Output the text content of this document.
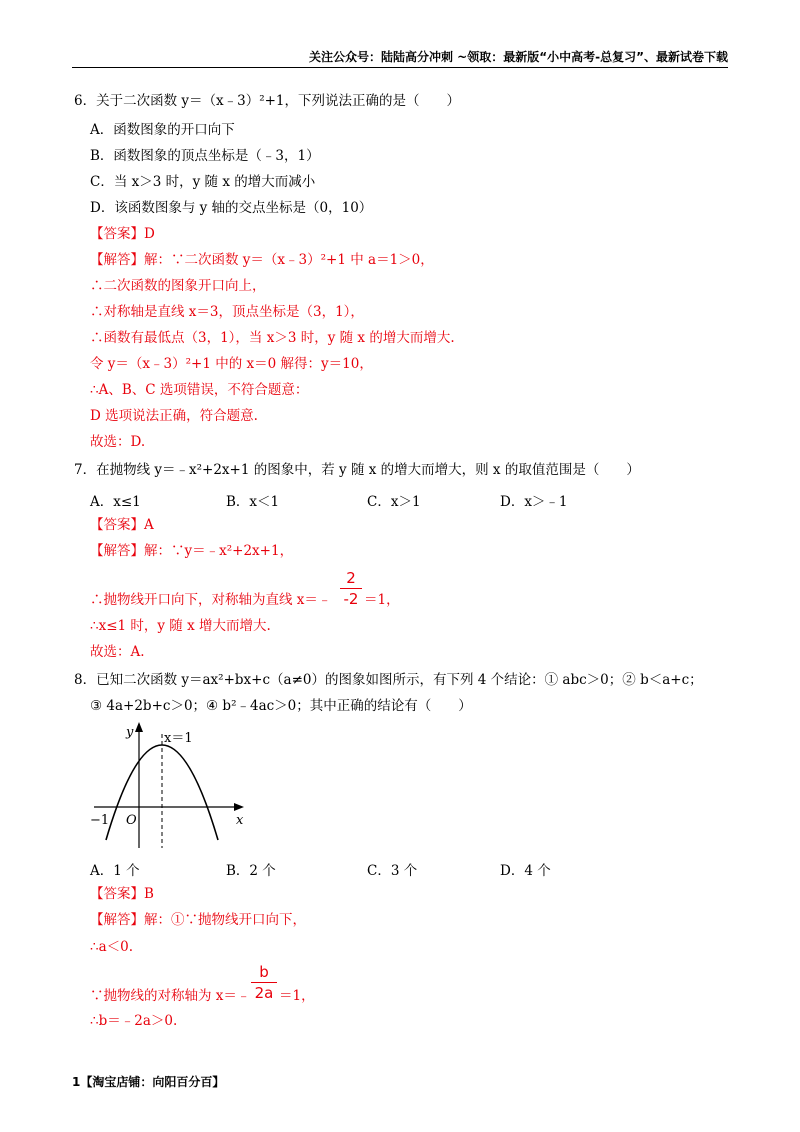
关注公众号：陆陆高分冲刺 ~领取：最新版“小中高考-总复习”、最新试卷下载
6．关于二次函数 y＝（x﹣3）²+1，下列说法正确的是（　　）
A．函数图象的开口向下
B．函数图象的顶点坐标是（﹣3，1）
C．当 x＞3 时，y 随 x 的增大而减小
D．该函数图象与 y 轴的交点坐标是（0，10）
【答案】D
【解答】解：∵二次函数 y＝（x﹣3）²+1 中 a＝1＞0，
∴二次函数的图象开口向上，
∴对称轴是直线 x＝3，顶点坐标是（3，1），
∴函数有最低点（3，1），当 x＞3 时，y 随 x 的增大而增大.
令 y＝（x﹣3）²+1 中的 x＝0 解得：y＝10，
∴A、B、C 选项错误，不符合题意：
D 选项说法正确，符合题意.
故选：D.
7．在抛物线 y＝﹣x²+2x+1 的图象中，若 y 随 x 的增大而增大，则 x 的取值范围是（　　）
A．x≤1	B．x＜1	C．x＞1	D．x＞﹣1
【答案】A
【解答】解：∵y＝﹣x²+2x+1，
∴抛物线开口向下，对称轴为直线 x＝﹣
2
-2 ＝1，
∴x≤1 时，y 随 x 增大而增大.
故选：A.
8．已知二次函数 y＝ax²+bx+c（a≠0）的图象如图所示，有下列 4 个结论：① abc＞0；② b＜a+c；
③ 4a+2b+c＞0；④ b²﹣4ac＞0；其中正确的结论有（　　）
y
x
x＝1
−1 O
A．1 个	B．2 个	C．3 个	D．4 个
【答案】B
【解答】解：①∵抛物线开口向下，
∴a＜0.
∵抛物线的对称轴为 x＝﹣
b
2a ＝1，
∴b＝﹣2a＞0.
1【淘宝店铺：向阳百分百】
